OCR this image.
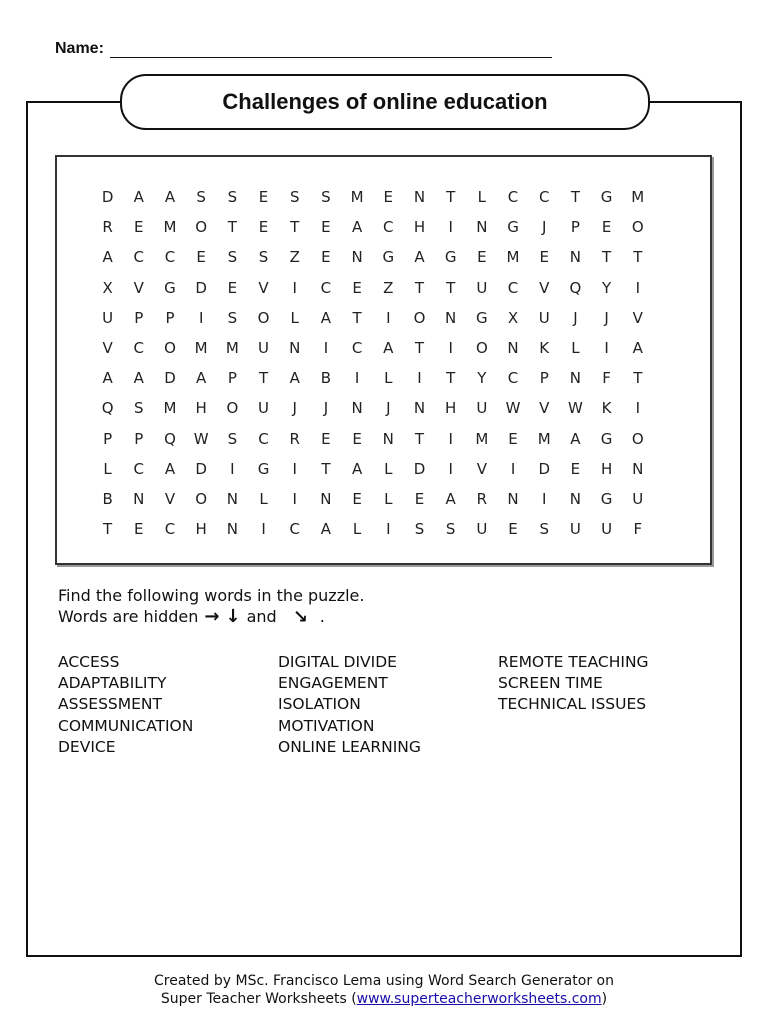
Name:
Challenges of online education
D	A	A	S	S	E	S	S	M	E	N	T	L	C	C	T	G	M
R	E	M	O	T	E	T	E	A	C	H	I	N	G	J	P	E	O
A	C	C	E	S	S	Z	E	N	G	A	G	E	M	E	N	T	T
X	V	G	D	E	V	I	C	E	Z	T	T	U	C	V	Q	Y	I
U	P	P	I	S	O	L	A	T	I	O	N	G	X	U	J	J	V
V	C	O	M	M	U	N	I	C	A	T	I	O	N	K	L	I	A
A	A	D	A	P	T	A	B	I	L	I	T	Y	C	P	N	F	T
Q	S	M	H	O	U	J	J	N	J	N	H	U	W	V	W	K	I
P	P	Q	W	S	C	R	E	E	N	T	I	M	E	M	A	G	O
L	C	A	D	I	G	I	T	A	L	D	I	V	I	D	E	H	N
B	N	V	O	N	L	I	N	E	L	E	A	R	N	I	N	G	U
T	E	C	H	N	I	C	A	L	I	S	S	U	E	S	U	U	F
Find the following words in the puzzle.
Words are hidden → ↓ and → .
ACCESS
ADAPTABILITY
ASSESSMENT
COMMUNICATION
DEVICE
DIGITAL DIVIDE
ENGAGEMENT
ISOLATION
MOTIVATION
ONLINE LEARNING
REMOTE TEACHING
SCREEN TIME
TECHNICAL ISSUES
Created by MSc. Francisco Lema using Word Search Generator on
Super Teacher Worksheets (www.superteacherworksheets.com)
